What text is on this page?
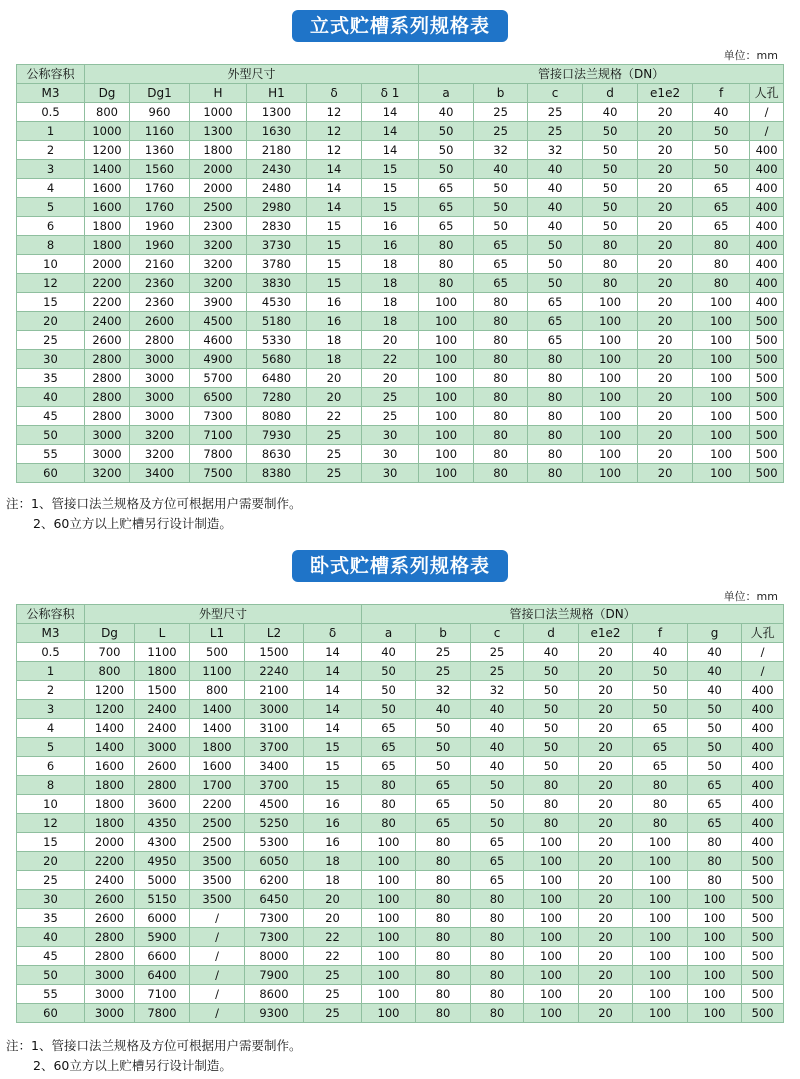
立式贮槽系列规格表
单位：mm
公称容积	外型尺寸						管接口法兰规格（DN）						
M3	Dg	Dg1	H	H1	δ	δ 1	a	b	c	d	e1e2	f	人孔
0.5	800	960	1000	1300	12	14	40	25	25	40	20	40	/
1	1000	1160	1300	1630	12	14	50	25	25	50	20	50	/
2	1200	1360	1800	2180	12	14	50	32	32	50	20	50	400
3	1400	1560	2000	2430	14	15	50	40	40	50	20	50	400
4	1600	1760	2000	2480	14	15	65	50	40	50	20	65	400
5	1600	1760	2500	2980	14	15	65	50	40	50	20	65	400
6	1800	1960	2300	2830	15	16	65	50	40	50	20	65	400
8	1800	1960	3200	3730	15	16	80	65	50	80	20	80	400
10	2000	2160	3200	3780	15	18	80	65	50	80	20	80	400
12	2200	2360	3200	3830	15	18	80	65	50	80	20	80	400
15	2200	2360	3900	4530	16	18	100	80	65	100	20	100	400
20	2400	2600	4500	5180	16	18	100	80	65	100	20	100	500
25	2600	2800	4600	5330	18	20	100	80	65	100	20	100	500
30	2800	3000	4900	5680	18	22	100	80	80	100	20	100	500
35	2800	3000	5700	6480	20	20	100	80	80	100	20	100	500
40	2800	3000	6500	7280	20	25	100	80	80	100	20	100	500
45	2800	3000	7300	8080	22	25	100	80	80	100	20	100	500
50	3000	3200	7100	7930	25	30	100	80	80	100	20	100	500
55	3000	3200	7800	8630	25	30	100	80	80	100	20	100	500
60	3200	3400	7500	8380	25	30	100	80	80	100	20	100	500
注：1、管接口法兰规格及方位可根据用户需要制作。
2、60立方以上贮槽另行设计制造。
卧式贮槽系列规格表
单位：mm
公称容积	外型尺寸					管接口法兰规格（DN）							
M3	Dg	L	L1	L2	δ	a	b	c	d	e1e2	f	g	人孔
0.5	700	1100	500	1500	14	40	25	25	40	20	40	40	/
1	800	1800	1100	2240	14	50	25	25	50	20	50	40	/
2	1200	1500	800	2100	14	50	32	32	50	20	50	40	400
3	1200	2400	1400	3000	14	50	40	40	50	20	50	50	400
4	1400	2400	1400	3100	14	65	50	40	50	20	65	50	400
5	1400	3000	1800	3700	15	65	50	40	50	20	65	50	400
6	1600	2600	1600	3400	15	65	50	40	50	20	65	50	400
8	1800	2800	1700	3700	15	80	65	50	80	20	80	65	400
10	1800	3600	2200	4500	16	80	65	50	80	20	80	65	400
12	1800	4350	2500	5250	16	80	65	50	80	20	80	65	400
15	2000	4300	2500	5300	16	100	80	65	100	20	100	80	400
20	2200	4950	3500	6050	18	100	80	65	100	20	100	80	500
25	2400	5000	3500	6200	18	100	80	65	100	20	100	80	500
30	2600	5150	3500	6450	20	100	80	80	100	20	100	100	500
35	2600	6000	/	7300	20	100	80	80	100	20	100	100	500
40	2800	5900	/	7300	22	100	80	80	100	20	100	100	500
45	2800	6600	/	8000	22	100	80	80	100	20	100	100	500
50	3000	6400	/	7900	25	100	80	80	100	20	100	100	500
55	3000	7100	/	8600	25	100	80	80	100	20	100	100	500
60	3000	7800	/	9300	25	100	80	80	100	20	100	100	500
注：1、管接口法兰规格及方位可根据用户需要制作。
2、60立方以上贮槽另行设计制造。
